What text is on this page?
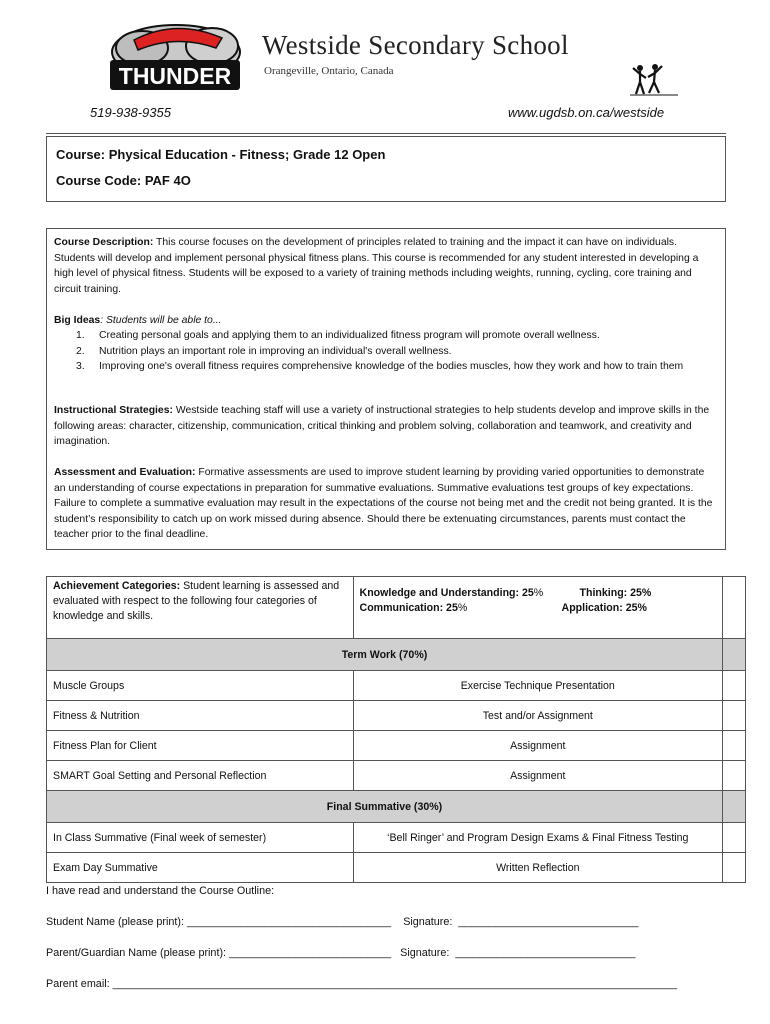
THUNDER
Westside Secondary School
Orangeville, Ontario, Canada
519-938-9355	www.ugdsb.on.ca/westside
Course: Physical Education - Fitness; Grade 12 Open
Course Code: PAF 4O
Course Description: This course focuses on the development of principles related to training and the impact it can have on individuals. Students will develop and implement personal physical fitness plans. This course is recommended for any student interested in developing a high level of physical fitness. Students will be exposed to a variety of training methods including weights, running, cycling, core training and circuit training.
Big Ideas: Students will be able to...
1. Creating personal goals and applying them to an individualized fitness program will promote overall wellness.
2. Nutrition plays an important role in improving an individual's overall wellness.
3. Improving one's overall fitness requires comprehensive knowledge of the bodies muscles, how they work and how to train them
Instructional Strategies: Westside teaching staff will use a variety of instructional strategies to help students develop and improve skills in the following areas: character, citizenship, communication, critical thinking and problem solving, collaboration and teamwork, and creativity and imagination.
Assessment and Evaluation: Formative assessments are used to improve student learning by providing varied opportunities to demonstrate an understanding of course expectations in preparation for summative evaluations. Summative evaluations test groups of key expectations. Failure to complete a summative evaluation may result in the expectations of the course not being met and the credit not being granted. It is the student’s responsibility to catch up on work missed during absence. Should there be extenuating circumstances, parents must contact the teacher prior to the final deadline.
Achievement Categories: Student learning is assessed and evaluated with respect to the following four categories of knowledge and skills.	Knowledge and Understanding: 25% Thinking: 25%
Communication: 25% Application: 25%	

Term Work (70%)		
Muscle Groups	Exercise Technique Presentation	
Fitness & Nutrition	Test and/or Assignment	
Fitness Plan for Client	Assignment	
SMART Goal Setting and Personal Reflection	Assignment	
Final Summative (30%)		
In Class Summative (Final week of semester)	‘Bell Ringer’ and Program Design Exams & Final Fitness Testing	
Exam Day Summative	Written Reflection	
I have read and understand the Course Outline:
Student Name (please print): __________________________________    Signature:  ______________________________
Parent/Guardian Name (please print): ___________________________   Signature:  ______________________________
Parent email: ______________________________________________________________________________________________
